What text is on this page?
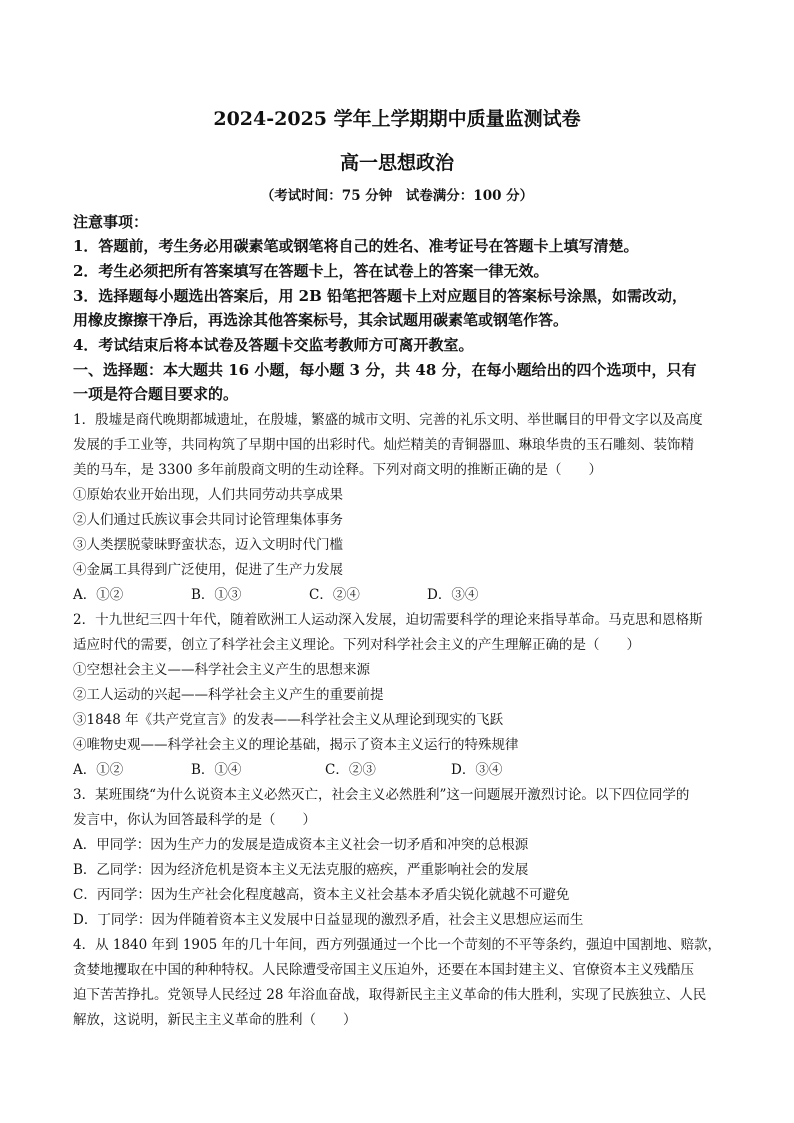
2024-2025 学年上学期期中质量监测试卷
高一思想政治
（考试时间：75 分钟　试卷满分：100 分）
注意事项：
1．答题前，考生务必用碳素笔或钢笔将自己的姓名、准考证号在答题卡上填写清楚。
2．考生必须把所有答案填写在答题卡上，答在试卷上的答案一律无效。
3．选择题每小题选出答案后，用 2B 铅笔把答题卡上对应题目的答案标号涂黑，如需改动，
用橡皮擦擦干净后，再选涂其他答案标号，其余试题用碳素笔或钢笔作答。
4．考试结束后将本试卷及答题卡交监考教师方可离开教室。
一、选择题：本大题共 16 小题，每小题 3 分，共 48 分，在每小题给出的四个选项中，只有
一项是符合题目要求的。
1．殷墟是商代晚期都城遗址，在殷墟，繁盛的城市文明、完善的礼乐文明、举世瞩目的甲骨文字以及高度
发展的手工业等，共同构筑了早期中国的出彩时代。灿烂精美的青铜器皿、琳琅华贵的玉石雕刻、装饰精
美的马车，是 3300 多年前殷商文明的生动诠释。下列对商文明的推断正确的是（　　）
①原始农业开始出现，人们共同劳动共享成果
②人们通过氏族议事会共同讨论管理集体事务
③人类摆脱蒙昧野蛮状态，迈入文明时代门槛
④金属工具得到广泛使用，促进了生产力发展
A．①②	B．①③	C．②④	D．③④
2．十九世纪三四十年代，随着欧洲工人运动深入发展，迫切需要科学的理论来指导革命。马克思和恩格斯
适应时代的需要，创立了科学社会主义理论。下列对科学社会主义的产生理解正确的是（　　）
①空想社会主义——科学社会主义产生的思想来源
②工人运动的兴起——科学社会主义产生的重要前提
③1848 年《共产党宣言》的发表——科学社会主义从理论到现实的飞跃
④唯物史观——科学社会主义的理论基础，揭示了资本主义运行的特殊规律
A．①②	B．①④	C．②③	D．③④
3．某班围绕“为什么说资本主义必然灭亡，社会主义必然胜利”这一问题展开激烈讨论。以下四位同学的
发言中，你认为回答最科学的是（　　）
A．甲同学：因为生产力的发展是造成资本主义社会一切矛盾和冲突的总根源
B．乙同学：因为经济危机是资本主义无法克服的癌疾，严重影响社会的发展
C．丙同学：因为生产社会化程度越高，资本主义社会基本矛盾尖锐化就越不可避免
D．丁同学：因为伴随着资本主义发展中日益显现的激烈矛盾，社会主义思想应运而生
4．从 1840 年到 1905 年的几十年间，西方列强通过一个比一个苛刻的不平等条约，强迫中国割地、赔款，
贪婪地攫取在中国的种种特权。人民除遭受帝国主义压迫外，还要在本国封建主义、官僚资本主义残酷压
迫下苦苦挣扎。党领导人民经过 28 年浴血奋战，取得新民主主义革命的伟大胜利，实现了民族独立、人民
解放，这说明，新民主主义革命的胜利（　　）
